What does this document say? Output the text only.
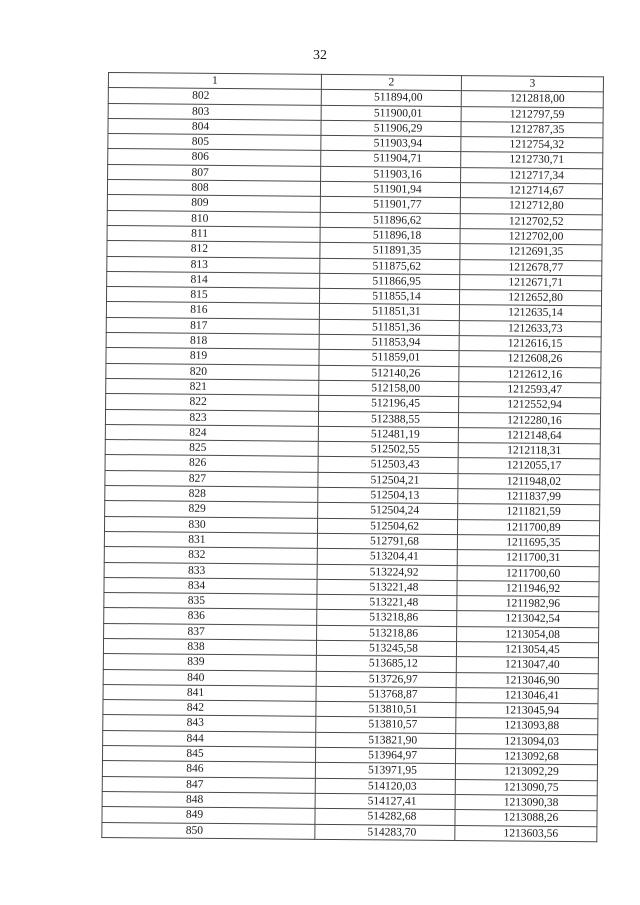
32
1	2	3
802	511894,00	1212818,00
803	511900,01	1212797,59
804	511906,29	1212787,35
805	511903,94	1212754,32
806	511904,71	1212730,71
807	511903,16	1212717,34
808	511901,94	1212714,67
809	511901,77	1212712,80
810	511896,62	1212702,52
811	511896,18	1212702,00
812	511891,35	1212691,35
813	511875,62	1212678,77
814	511866,95	1212671,71
815	511855,14	1212652,80
816	511851,31	1212635,14
817	511851,36	1212633,73
818	511853,94	1212616,15
819	511859,01	1212608,26
820	512140,26	1212612,16
821	512158,00	1212593,47
822	512196,45	1212552,94
823	512388,55	1212280,16
824	512481,19	1212148,64
825	512502,55	1212118,31
826	512503,43	1212055,17
827	512504,21	1211948,02
828	512504,13	1211837,99
829	512504,24	1211821,59
830	512504,62	1211700,89
831	512791,68	1211695,35
832	513204,41	1211700,31
833	513224,92	1211700,60
834	513221,48	1211946,92
835	513221,48	1211982,96
836	513218,86	1213042,54
837	513218,86	1213054,08
838	513245,58	1213054,45
839	513685,12	1213047,40
840	513726,97	1213046,90
841	513768,87	1213046,41
842	513810,51	1213045,94
843	513810,57	1213093,88
844	513821,90	1213094,03
845	513964,97	1213092,68
846	513971,95	1213092,29
847	514120,03	1213090,75
848	514127,41	1213090,38
849	514282,68	1213088,26
850	514283,70	1213603,56
